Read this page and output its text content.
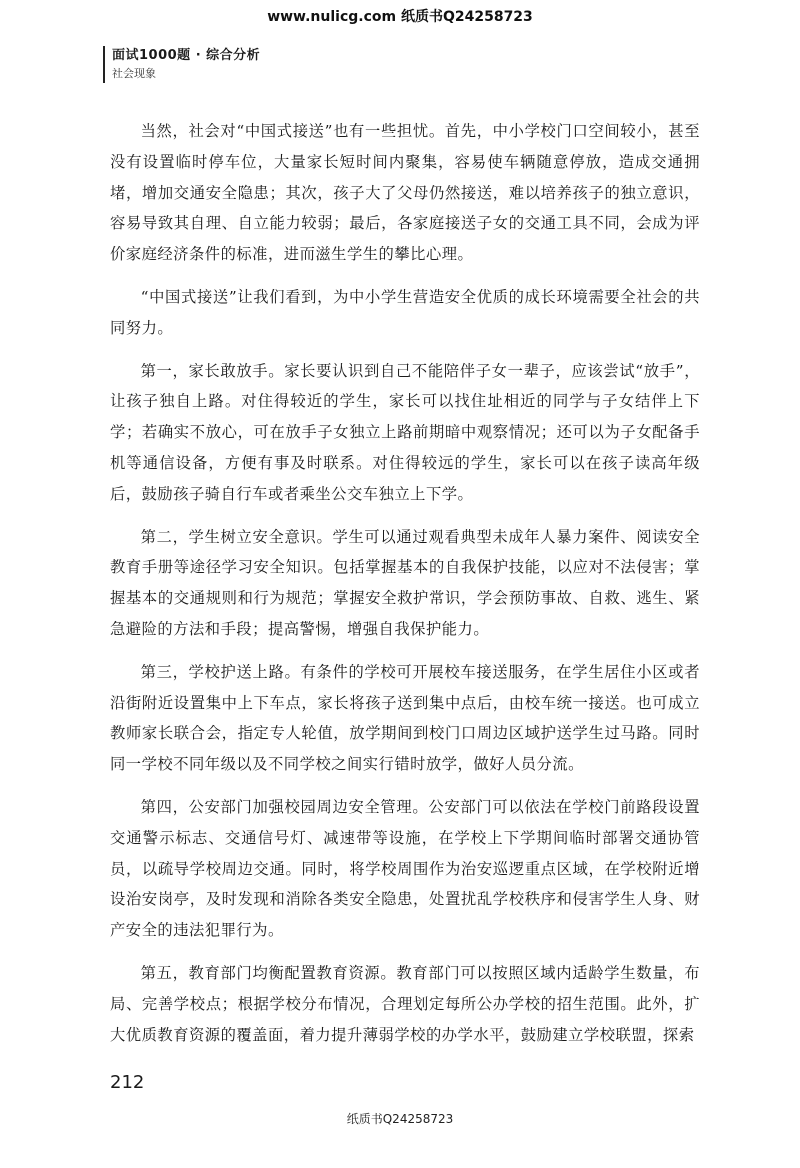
www.nulicg.com 纸质书Q24258723
面试1000题 · 综合分析
社会现象

当然，社会对“中国式接送”也有一些担忧。首先，中小学校门口空间较小，甚至没有设置临时停车位，大量家长短时间内聚集，容易使车辆随意停放，造成交通拥堵，增加交通安全隐患；其次，孩子大了父母仍然接送，难以培养孩子的独立意识，容易导致其自理、自立能力较弱；最后，各家庭接送子女的交通工具不同，会成为评价家庭经济条件的标准，进而滋生学生的攀比心理。

“中国式接送”让我们看到，为中小学生营造安全优质的成长环境需要全社会的共同努力。

第一，家长敢放手。家长要认识到自己不能陪伴子女一辈子，应该尝试“放手”，让孩子独自上路。对住得较近的学生，家长可以找住址相近的同学与子女结伴上下学；若确实不放心，可在放手子女独立上路前期暗中观察情况；还可以为子女配备手机等通信设备，方便有事及时联系。对住得较远的学生，家长可以在孩子读高年级后，鼓励孩子骑自行车或者乘坐公交车独立上下学。

第二，学生树立安全意识。学生可以通过观看典型未成年人暴力案件、阅读安全教育手册等途径学习安全知识。包括掌握基本的自我保护技能，以应对不法侵害；掌握基本的交通规则和行为规范；掌握安全救护常识，学会预防事故、自救、逃生、紧急避险的方法和手段；提高警惕，增强自我保护能力。

第三，学校护送上路。有条件的学校可开展校车接送服务，在学生居住小区或者沿街附近设置集中上下车点，家长将孩子送到集中点后，由校车统一接送。也可成立教师家长联合会，指定专人轮值，放学期间到校门口周边区域护送学生过马路。同时同一学校不同年级以及不同学校之间实行错时放学，做好人员分流。

第四，公安部门加强校园周边安全管理。公安部门可以依法在学校门前路段设置交通警示标志、交通信号灯、减速带等设施，在学校上下学期间临时部署交通协管员，以疏导学校周边交通。同时，将学校周围作为治安巡逻重点区域，在学校附近增设治安岗亭，及时发现和消除各类安全隐患，处置扰乱学校秩序和侵害学生人身、财产安全的违法犯罪行为。

第五，教育部门均衡配置教育资源。教育部门可以按照区域内适龄学生数量，布局、完善学校点；根据学校分布情况，合理划定每所公办学校的招生范围。此外，扩大优质教育资源的覆盖面，着力提升薄弱学校的办学水平，鼓励建立学校联盟，探索

212
纸质书Q24258723
